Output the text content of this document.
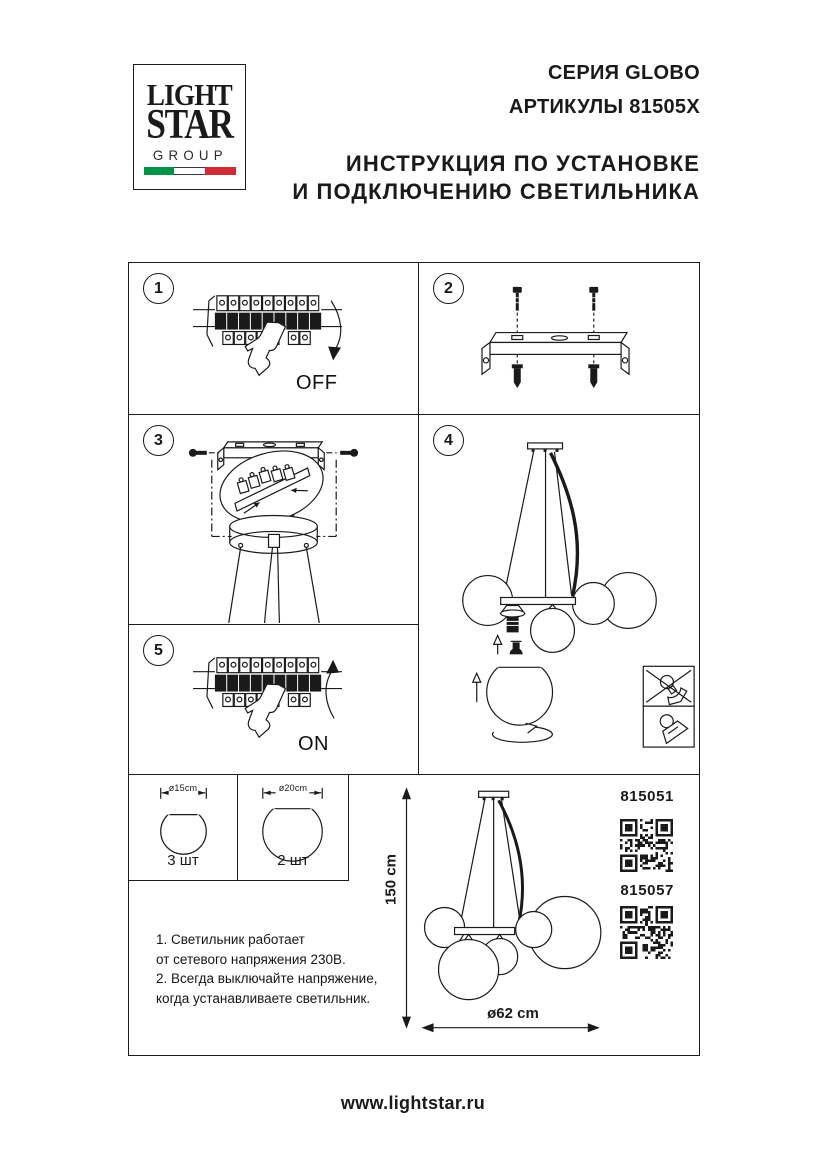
LIGHT
STAR
GROUP
СЕРИЯ GLOBO
АРТИКУЛЫ 81505X
ИНСТРУКЦИЯ ПО УСТАНОВКЕ
И ПОДКЛЮЧЕНИЮ СВЕТИЛЬНИКА
1
OFF
2
3	4
5
ON
ø15cm
3 шт
ø20cm
2 шт	150 cm
ø62 cm
815051
815057
1. Светильник работает
от сетевого напряжения 230В.
2. Всегда выключайте напряжение,
когда устанавливаете светильник.
www.lightstar.ru
